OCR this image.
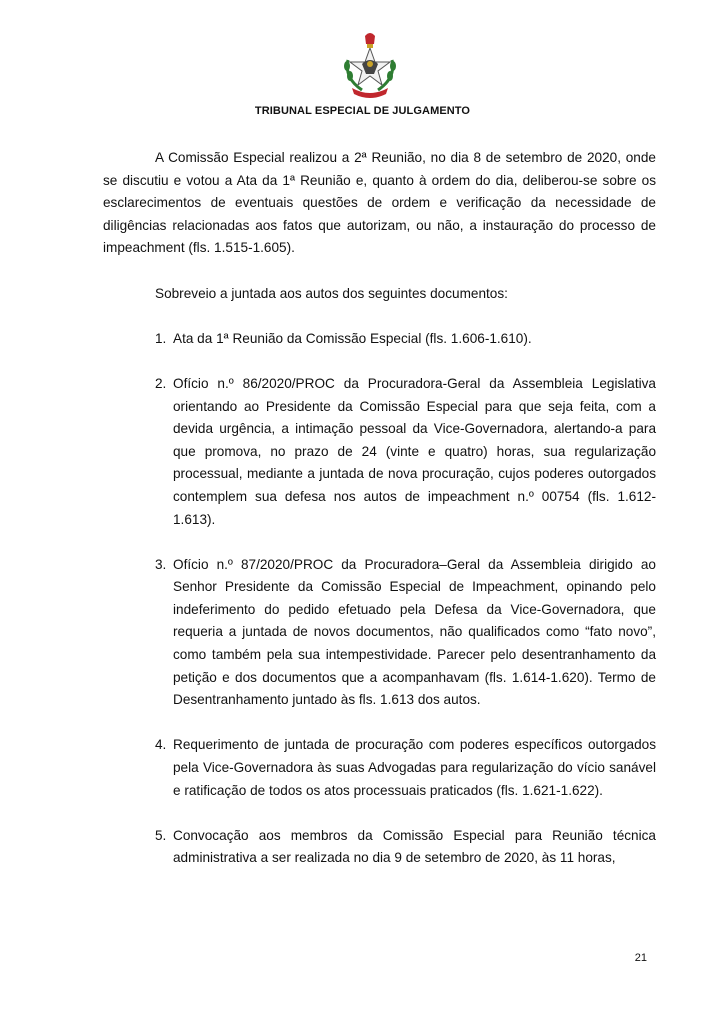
TRIBUNAL ESPECIAL DE JULGAMENTO

A Comissão Especial realizou a 2ª Reunião, no dia 8 de setembro de 2020, onde se discutiu e votou a Ata da 1ª Reunião e, quanto à ordem do dia, deliberou-se sobre os esclarecimentos de eventuais questões de ordem e verificação da necessidade de diligências relacionadas aos fatos que autorizam, ou não, a instauração do processo de impeachment (fls. 1.515-1.605).

Sobreveio a juntada aos autos dos seguintes documentos:

1. Ata da 1ª Reunião da Comissão Especial (fls. 1.606-1.610).
2. Ofício n.º 86/2020/PROC da Procuradora-Geral da Assembleia Legislativa orientando ao Presidente da Comissão Especial para que seja feita, com a devida urgência, a intimação pessoal da Vice-Governadora, alertando-a para que promova, no prazo de 24 (vinte e quatro) horas, sua regularização processual, mediante a juntada de nova procuração, cujos poderes outorgados contemplem sua defesa nos autos de impeachment n.º 00754 (fls. 1.612-1.613).
3. Ofício n.º 87/2020/PROC da Procuradora–Geral da Assembleia dirigido ao Senhor Presidente da Comissão Especial de Impeachment, opinando pelo indeferimento do pedido efetuado pela Defesa da Vice-Governadora, que requeria a juntada de novos documentos, não qualificados como “fato novo”, como também pela sua intempestividade. Parecer pelo desentranhamento da petição e dos documentos que a acompanhavam (fls. 1.614-1.620). Termo de Desentranhamento juntado às fls. 1.613 dos autos.
4. Requerimento de juntada de procuração com poderes específicos outorgados pela Vice-Governadora às suas Advogadas para regularização do vício sanável e ratificação de todos os atos processuais praticados (fls. 1.621-1.622).
5. Convocação aos membros da Comissão Especial para Reunião técnica administrativa a ser realizada no dia 9 de setembro de 2020, às 11 horas,
21
